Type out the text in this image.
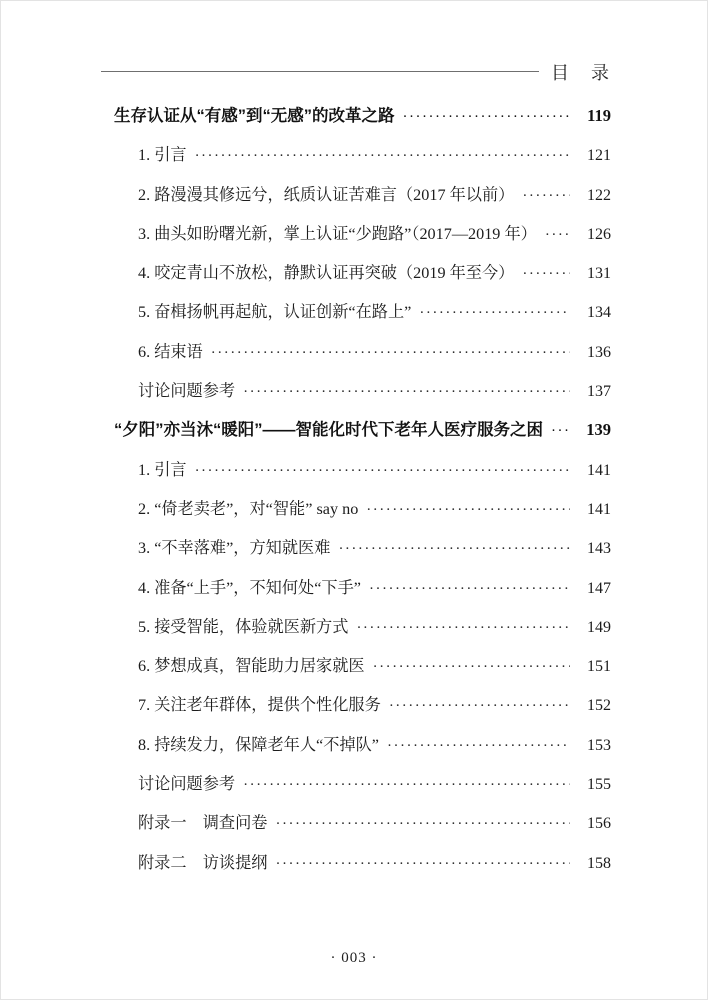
目　录
生存认证从“有感”到“无感”的改革之路 ·····	119
1. 引言 ·····	121
2. 路漫漫其修远兮，纸质认证苦难言（2017 年以前） ·····	122
3. 曲头如盼曙光新，掌上认证“少跑路”（2017—2019 年） ·····	126
4. 咬定青山不放松，静默认证再突破（2019 年至今） ·····	131
5. 奋楫扬帆再起航，认证创新“在路上” ·····	134
6. 结束语 ·····	136
讨论问题参考 ·····	137
“夕阳”亦当沐“暖阳”——智能化时代下老年人医疗服务之困 ·····	139
1. 引言 ·····	141
2. “倚老卖老”，对“智能” say no ·····	141
3. “不幸落难”，方知就医难 ·····	143
4. 准备“上手”，不知何处“下手” ·····	147
5. 接受智能，体验就医新方式 ·····	149
6. 梦想成真，智能助力居家就医 ·····	151
7. 关注老年群体，提供个性化服务 ·····	152
8. 持续发力，保障老年人“不掉队” ·····	153
讨论问题参考 ·····	155
附录一　调查问卷 ·····	156
附录二　访谈提纲 ·····	158
· 003 ·
